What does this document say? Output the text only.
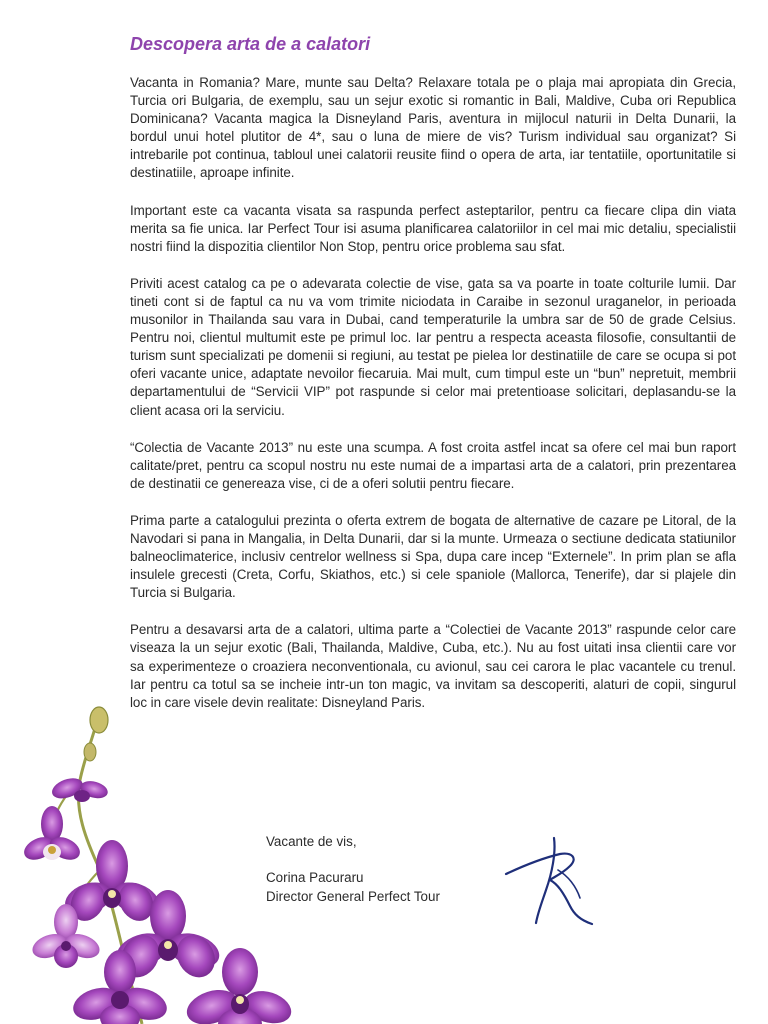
Descopera arta de a calatori

Vacanta in Romania? Mare, munte sau Delta? Relaxare totala pe o plaja mai apropiata din Grecia, Turcia ori Bulgaria, de exemplu, sau un sejur exotic si romantic in Bali, Maldive, Cuba ori Republica Dominicana? Vacanta magica la Disneyland Paris, aventura in mijlocul naturii in Delta Dunarii, la bordul unui hotel plutitor de 4*, sau o luna de miere de vis? Turism individual sau organizat? Si intrebarile pot continua, tabloul unei calatorii reusite fiind o opera de arta, iar tentatiile, oportunitatile si destinatiile, aproape infinite.

Important este ca vacanta visata sa raspunda perfect asteptarilor, pentru ca fiecare clipa din viata merita sa fie unica. Iar Perfect Tour isi asuma planificarea calatoriilor in cel mai mic detaliu, specialistii nostri fiind la dispozitia clientilor Non Stop, pentru orice problema sau sfat.

Priviti acest catalog ca pe o adevarata colectie de vise, gata sa va poarte in toate colturile lumii. Dar tineti cont si de faptul ca nu va vom trimite niciodata in Caraibe in sezonul uraganelor, in perioada musonilor in Thailanda sau vara in Dubai, cand temperaturile la umbra sar de 50 de grade Celsius. Pentru noi, clientul multumit este pe primul loc. Iar pentru a respecta aceasta filosofie, consultantii de turism sunt specializati pe domenii si regiuni, au testat pe pielea lor destinatiile de care se ocupa si pot oferi vacante unice, adaptate nevoilor fiecaruia. Mai mult, cum timpul este un “bun” nepretuit, membrii departamentului de “Servicii VIP” pot raspunde si celor mai pretentioase solicitari, deplasandu-se la client acasa ori la serviciu.

“Colectia de Vacante 2013” nu este una scumpa. A fost croita astfel incat sa ofere cel mai bun raport calitate/pret, pentru ca scopul nostru nu este numai de a impartasi arta de a calatori, prin prezentarea de destinatii ce genereaza vise, ci de a oferi solutii pentru fiecare.

Prima parte a catalogului prezinta o oferta extrem de bogata de alternative de cazare pe Litoral, de la Navodari si pana in Mangalia, in Delta Dunarii, dar si la munte. Urmeaza o sectiune dedicata statiunilor balneoclimaterice, inclusiv centrelor wellness si Spa, dupa care incep “Externele”. In prim plan se afla insulele grecesti (Creta, Corfu, Skiathos, etc.) si cele spaniole (Mallorca, Tenerife), dar si plajele din Turcia si Bulgaria.

Pentru a desavarsi arta de a calatori, ultima parte a “Colectiei de Vacante 2013” raspunde celor care viseaza la un sejur exotic (Bali, Thailanda, Maldive, Cuba, etc.). Nu au fost uitati insa clientii care vor sa experimenteze o croaziera neconventionala, cu avionul, sau cei carora le plac vacantele cu trenul. Iar pentru ca totul sa se incheie intr-un ton magic, va invitam sa descoperiti, alaturi de copii, singurul loc in care visele devin realitate: Disneyland Paris.

Vacante de vis,
Corina Pacuraru
Director General Perfect Tour
